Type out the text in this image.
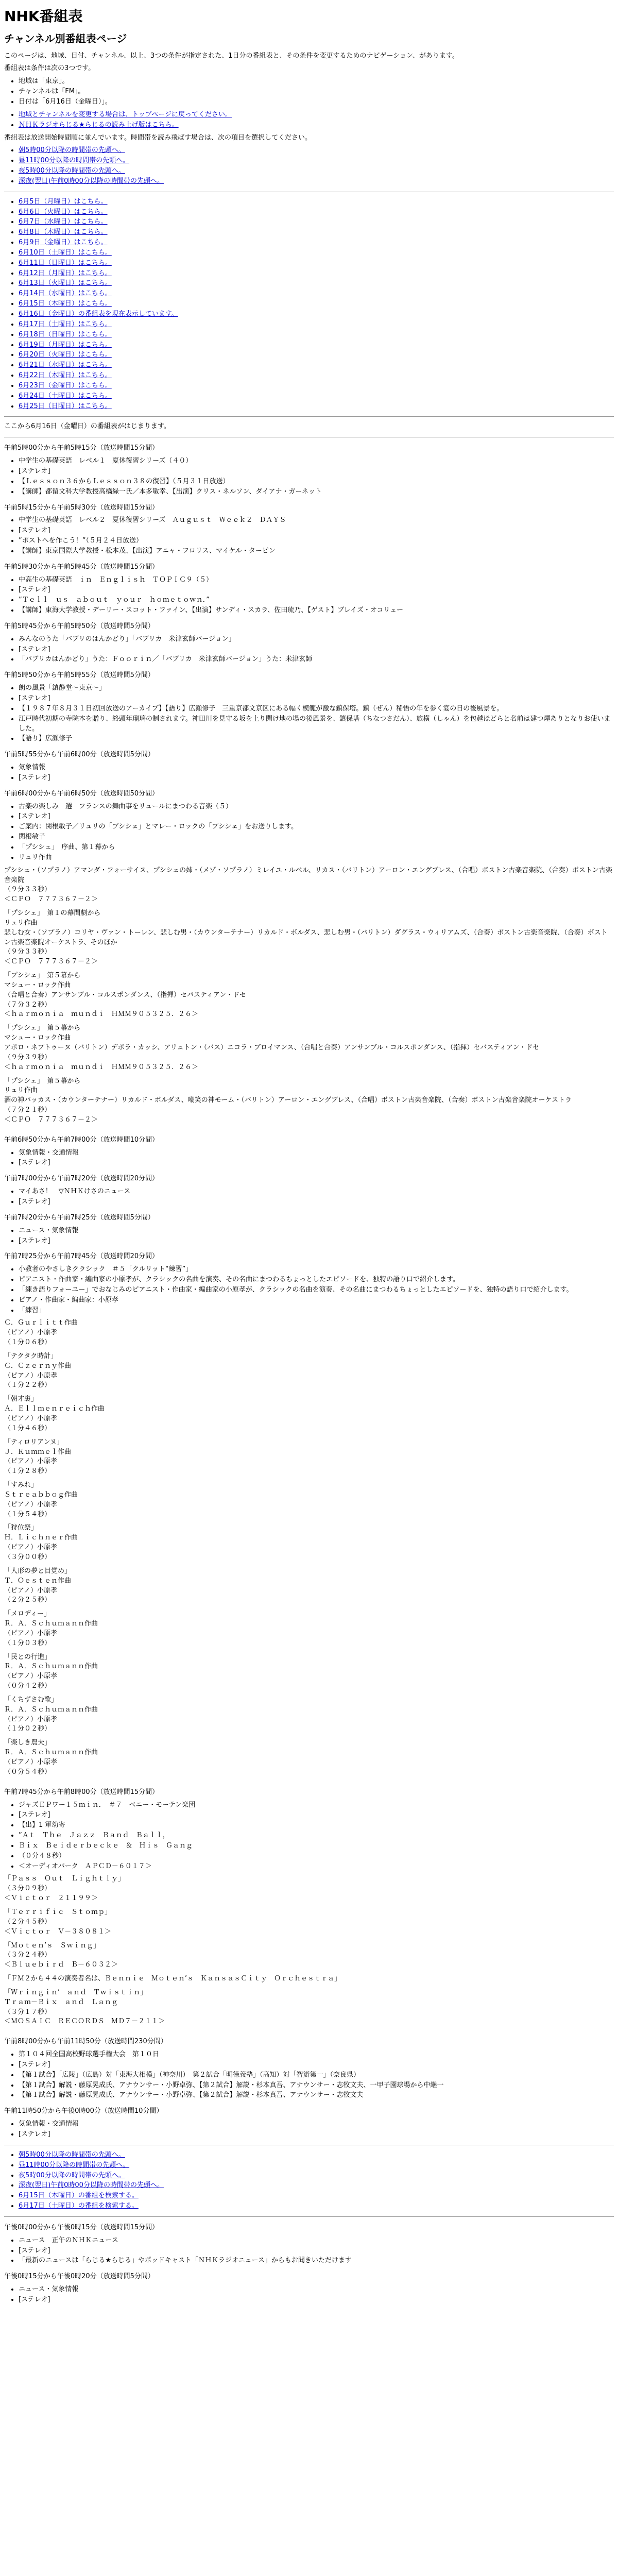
NHK番組表
チャンネル別番組表ページ

このページは、地域、日付、チャンネル、以上、3つの条件が指定された、1日分の番組表と、その条件を変更するためのナビゲーション、があります。

番組表は条件は次の3つです。

• 地域は「東京」。
• チャンネルは「FM」。
• 日付は「6月16日（金曜日）」。
• 地域とチャンネルを変更する場合は、トップページに戻ってください。
• ＮＨＫラジオらじる★らじるの読み上げ版はこちら。

番組表は放送開始時間順に並んでいます。時間帯を読み飛ばす場合は、次の項目を選択してください。

• 朝5時00分以降の時間帯の先頭へ。
• 昼11時00分以降の時間帯の先頭へ。
• 夜5時00分以降の時間帯の先頭へ。
• 深夜(翌日)午前0時00分以降の時間帯の先頭へ。
• 6月5日（月曜日）はこちら。
• 6月6日（火曜日）はこちら。
• 6月7日（水曜日）はこちら。
• 6月8日（木曜日）はこちら。
• 6月9日（金曜日）はこちら。
• 6月10日（土曜日）はこちら。
• 6月11日（日曜日）はこちら。
• 6月12日（月曜日）はこちら。
• 6月13日（火曜日）はこちら。
• 6月14日（水曜日）はこちら。
• 6月15日（木曜日）はこちら。
• 6月16日（金曜日）の番組表を現在表示しています。
• 6月17日（土曜日）はこちら。
• 6月18日（日曜日）はこちら。
• 6月19日（月曜日）はこちら。
• 6月20日（火曜日）はこちら。
• 6月21日（水曜日）はこちら。
• 6月22日（木曜日）はこちら。
• 6月23日（金曜日）はこちら。
• 6月24日（土曜日）はこちら。
• 6月25日（日曜日）はこちら。

ここから6月16日（金曜日）の番組表がはじまります。

午前5時00分から午前5時15分（放送時間15分間）

• 中学生の基礎英語　レベル１　夏休復習シリーズ（４０）
• [ステレオ]
• 【Ｌｅｓｓｏｎ３６からＬｅｓｓｏｎ３８の復習】（５月３１日放送）
• 【講師】都留文科大学教授高橋緑一氏／本多敏幸、【出演】クリス・ネルソン、ダイアナ・ガーネット

午前5時15分から午前5時30分（放送時間15分間）

• 中学生の基礎英語　レベル２　夏休復習シリーズ　Ａｕｇｕｓｔ　Ｗｅｅｋ２　ＤＡＹＳ
• [ステレオ]
• ”ポストへを作こう！”（５月２４日放送）
• 【講師】東京国際大学教授・松本茂、【出演】アニャ・フロリス、マイケル・ターピン

午前5時30分から午前5時45分（放送時間15分間）

• 中高生の基礎英語　ｉｎ　Ｅｎｇｌｉｓｈ　ＴＯＰＩＣ９（５）
• [ステレオ]
• ”Ｔｅｌｌ　ｕｓ　ａｂｏｕｔ　ｙｏｕｒ　ｈｏｍｅｔｏｗｎ．”
• 【講師】東海大学教授・デーリー・スコット・ファイン、【出演】サンディ・スカラ、佐田琉乃、【ゲスト】ブレイズ・オコリュー

午前5時45分から午前5時50分（放送時間5分間）

• みんなのうた「バブリのはんかどり」「バブリカ　米津玄師バージョン」
• [ステレオ]
• 「バブリカはんかどり」うた：Ｆｏｏｒｉｎ／「バブリカ　米津玄師バージョン」うた：米津玄師

午前5時50分から午前5時55分（放送時間5分間）

• 朗の風景「鎮静堂～東京～」
• [ステレオ]
• 【１９８７年８月３１日初回放送のアーカイブ】【語り】広瀬修子　三重京都文京区にある幅く模範が激な鎮保塔。鎮（ぜん）稀悟の年を参く宴の日の後風景を。
• 江戸時代初期の寺院本を贈り、終頭年瑠璃の制されます。神田川を見守る坂を上り閑け地の場の後風景を、鎮保塔（ちなつさだん）、旅横（しゃん）を包越ほどらと名前は建つ煙ありとなりお使いました。
• 【語り】広瀬修子

午前5時55分から午前6時00分（放送時間5分間）

• 気象情報
• [ステレオ]

午前6時00分から午前6時50分（放送時間50分間）

• 古楽の楽しみ　選　フランスの舞曲事をリュールにまつわる音楽（５）
• [ステレオ]
• ご案内：関根敏子／リュリの「プシシェ」とマレー・ロックの「プシシェ」をお送りします。
• 関根敏子
• 「プシシェ」　序曲、第１幕から
• リュリ作曲
プシシェ・（ソプラノ）アマンダ・フォーサイス、プシシェの姉・（メゾ・ソプラノ）ミレイユ・ルベル、リカス・（バリトン）アーロン・エングブレス、（合唱）ボストン古楽音楽院、（合奏）ボストン古楽音楽院
（９分３３秒）
＜ＣＰＯ　７７７３６７－２＞
「プシシェ」　第１の幕間劇から
リュリ作曲
悲しむ女・（ソプラノ）コリヤ・ヴァン・トーレン、悲しむ男・（カウンターテナー）リカルド・ボルダス、悲しむ男・（バリトン）ダグラス・ウィリアムズ、（合奏）ボストン古楽音楽院、（合奏）ボストン古楽音楽院オーケストラ、そのほか
（９分３３秒）
＜ＣＰＯ　７７７３６７－２＞
「プシシェ」　第５幕から
マシュー・ロック作曲
（合唱と合奏）アンサンブル・コルスポンダンス、（指揮）セバスティアン・ドセ
（７分３２秒）
＜ｈａｒｍｏｎｉａ　ｍｕｎｄｉ　ＨＭＭ９０５３２５．２６＞
「プシシェ」　第５幕から
マシュー・ロック作曲
アポロ・ネプトゥーヌ（バリトン）デボラ・カッシ、アリュトン・（バス）ニコラ・ブロイマンス、（合唱と合奏）アンサンブル・コルスポンダンス、（指揮）セバスティアン・ドセ
（９分３９秒）
＜ｈａｒｍｏｎｉａ　ｍｕｎｄｉ　ＨＭＭ９０５３２５．２６＞
「プシシェ」　第５幕から
リュリ作曲
酒の神バッカス・（カウンターテナー）リカルド・ボルダス、嘲笑の神モーム・（バリトン）アーロン・エングブレス、（合唱）ボストン古楽音楽院、（合奏）ボストン古楽音楽院オーケストラ
（７分２１秒）
＜ＣＰＯ　７７７３６７－２＞

午前6時50分から午前7時00分（放送時間10分間）

• 気象情報・交通情報
• [ステレオ]

午前7時00分から午前7時20分（放送時間20分間）

• マイあさ！　▽ＮＨＫけさのニュース
• [ステレオ]

午前7時20分から午前7時25分（放送時間5分間）

• ニュース・気象情報
• [ステレオ]

午前7時25分から午前7時45分（放送時間20分間）

• 小教者のやさしきクラシック　＃５「クルリット“練習”」
• ピアニスト・作曲家・編曲家の小原孝が、クラシックの名曲を演奏、その名曲にまつわるちょっとしたエピソードを、独特の語り口で紹介します。
• 「練き語りフォーユー」でおなじみのピアニスト・作曲家・編曲家の小原孝が、クラシックの名曲を演奏、その名曲にまつわるちょっとしたエピソードを、独特の語り口で紹介します。
• ピアノ・作曲家・編曲家：小原孝
• 「練習」
Ｃ．Ｇｕｒｌｉｔｔ作曲
（ピアノ）小原孝
（１分０６秒）
「テクタク時計」
Ｃ．Ｃｚｅｒｎｙ作曲
（ピアノ）小原孝
（１分２２秒）
「朝才裏」
Ａ．Ｅｌｌｍｅｎｒｅｉｃｈ作曲
（ピアノ）小原孝
（１分４６秒）
「ティロリアンヌ」
Ｊ．Ｋｕｍｍｅｌ作曲
（ピアノ）小原孝
（１分２８秒）
「すみれ」
Ｓｔｒｅａｂｂｏｇ作曲
（ピアノ）小原孝
（１分５４秒）
「狩位祭」
Ｈ．Ｌｉｃｈｎｅｒ作曲
（ピアノ）小原孝
（３分００秒）
「人形の夢と目覚め」
Ｔ．Ｏｅｓｔｅｎ作曲
（ピアノ）小原孝
（２分２５秒）
「メロディー」
Ｒ．Ａ．Ｓｃｈｕｍａｎｎ作曲
（ピアノ）小原孝
（１分０３秒）
「民との行進」
Ｒ．Ａ．Ｓｃｈｕｍａｎｎ作曲
（ピアノ）小原孝
（０分４２秒）
「くちずさむ歌」
Ｒ．Ａ．Ｓｃｈｕｍａｎｎ作曲
（ピアノ）小原孝
（１分０２秒）
「楽しき農夫」
Ｒ．Ａ．Ｓｃｈｕｍａｎｎ作曲
（ピアノ）小原孝
（０分５４秒）

午前7時45分から午前8時00分（放送時間15分間）

• ジャズＥＰワー１５ｍｉｎ．　＃７　ベニー・モーテン楽団
• [ステレオ]
• 【出】1 軍幼寄
• ”Ａｔ　Ｔｈｅ　Ｊａｚｚ　Ｂａｎｄ　Ｂａｌｌ，
• Ｂｉｘ　Ｂｅｉｄｅｒｂｅｃｋｅ　＆　Ｈｉｓ　Ｇａｎｇ
• （０分４８秒）
• ＜オーディオパーク　ＡＰＣＤ－６０１７＞
「Ｐａｓｓ　Ｏｕｔ　Ｌｉｇｈｔｌｙ」
（３分０９秒）
＜Ｖｉｃｔｏｒ　２１１９９＞
「Ｔｅｒｒｉｆｉｃ　Ｓｔｏｍｐ」
（２分４５秒）
＜Ｖｉｃｔｏｒ　Ｖ－３８０８１＞
「Ｍｏｔｅｎ’ｓ　Ｓｗｉｎｇ」
（３分２４秒）
＜Ｂｌｕｅｂｉｒｄ　Ｂ－６０３２＞
「ＦＭ２から４４の演奏者名は、Ｂｅｎｎｉｅ　Ｍｏｔｅｎ’ｓ　ＫａｎｓａｓＣｉｔｙ　Ｏｒｃｈｅｓｔｒａ」
「Ｗｒｉｎｇｉｎ’　ａｎｄ　Ｔｗｉｓｔｉｎ」
Ｔｒａｍ－Ｂｉｘ　ａｎｄ　Ｌａｎｇ
（３分１７秒）
＜ＭＯＳＡＩＣ　ＲＥＣＯＲＤＳ　ＭＤ７－２１１＞

午前8時00分から午前11時50分（放送時間230分間）

• 第１０４回全国高校野球選手権大会　第１０日
• [ステレオ]
• 【第１試合】「広陵」（広島）対「東海大相模」（神奈川）　第２試合「明徳義塾」（高知）対「智辯第一」（奈良県）
• 【第１試合】解説・藤原晃成氏、アナウンサー・小野卓弥、【第２試合】解説・杉本真吾、アナウンサー・志牧文夫、一甲子園球場から中継一
• 【第１試合】解説・藤原晃成氏、アナウンサー・小野卓弥、【第２試合】解説・杉本真吾、アナウンサー・志牧文夫

午前11時50分から午後0時00分（放送時間10分間）

• 気象情報・交通情報
• [ステレオ]
• 朝5時00分以降の時間帯の先頭へ。
• 昼11時00分以降の時間帯の先頭へ。
• 夜5時00分以降の時間帯の先頭へ。
• 深夜(翌日)午前0時00分以降の時間帯の先頭へ。
• 6月15日（木曜日）の番組を検索する。
• 6月17日（土曜日）の番組を検索する。

午後0時00分から午後0時15分（放送時間15分間）

• ニュース　正午のＮＨＫニュース
• [ステレオ]
• 「最新のニュースは「らじる★らじる」やポッドキャスト「ＮＨＫラジオニュース」からもお聞きいただけます

午後0時15分から午後0時20分（放送時間5分間）

• ニュース・気象情報
• [ステレオ]
